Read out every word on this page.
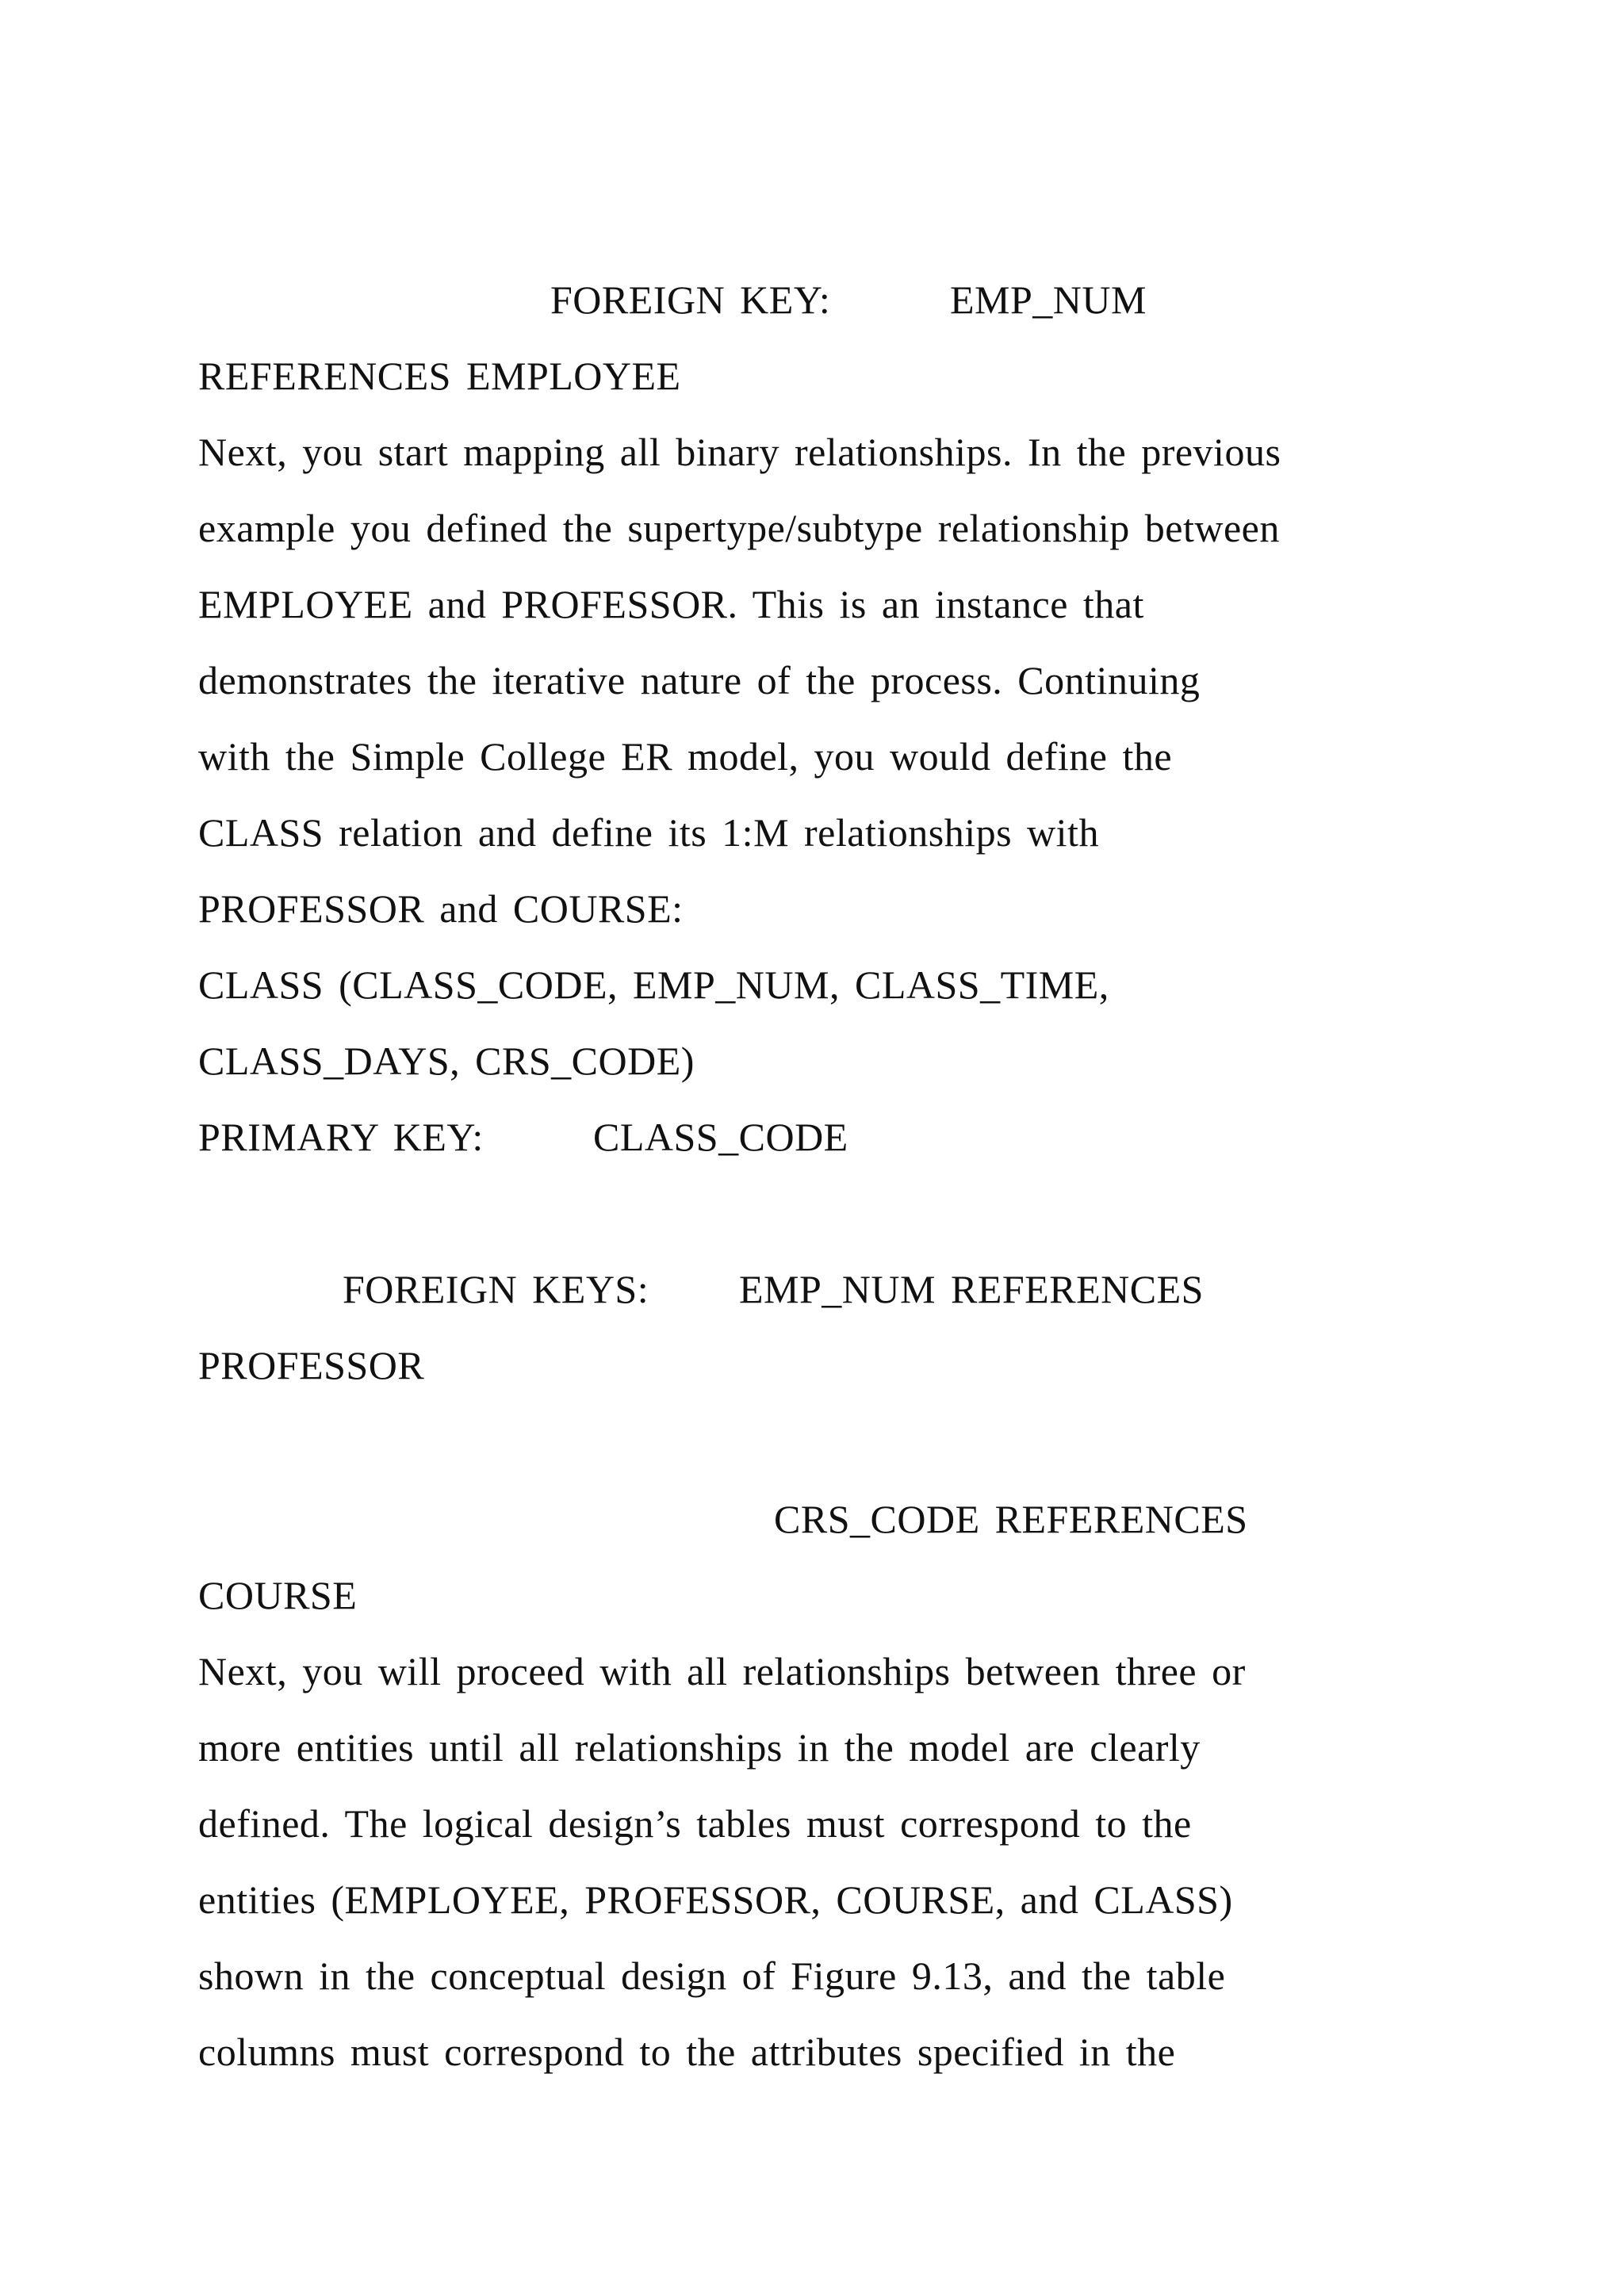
FOREIGN KEY:	EMP_NUM
REFERENCES EMPLOYEE
Next, you start mapping all binary relationships. In the previous
example you defined the supertype/subtype relationship between
EMPLOYEE and PROFESSOR. This is an instance that
demonstrates the iterative nature of the process. Continuing
with the Simple College ER model, you would define the
CLASS relation and define its 1:M relationships with
PROFESSOR and COURSE:
CLASS (CLASS_CODE, EMP_NUM, CLASS_TIME,
CLASS_DAYS, CRS_CODE)
PRIMARY KEY:	CLASS_CODE
FOREIGN KEYS: EMP_NUM REFERENCES
PROFESSOR
CRS_CODE REFERENCES
COURSE
Next, you will proceed with all relationships between three or
more entities until all relationships in the model are clearly
defined. The logical design’s tables must correspond to the
entities (EMPLOYEE, PROFESSOR, COURSE, and CLASS)
shown in the conceptual design of Figure 9.13, and the table
columns must correspond to the attributes specified in the
